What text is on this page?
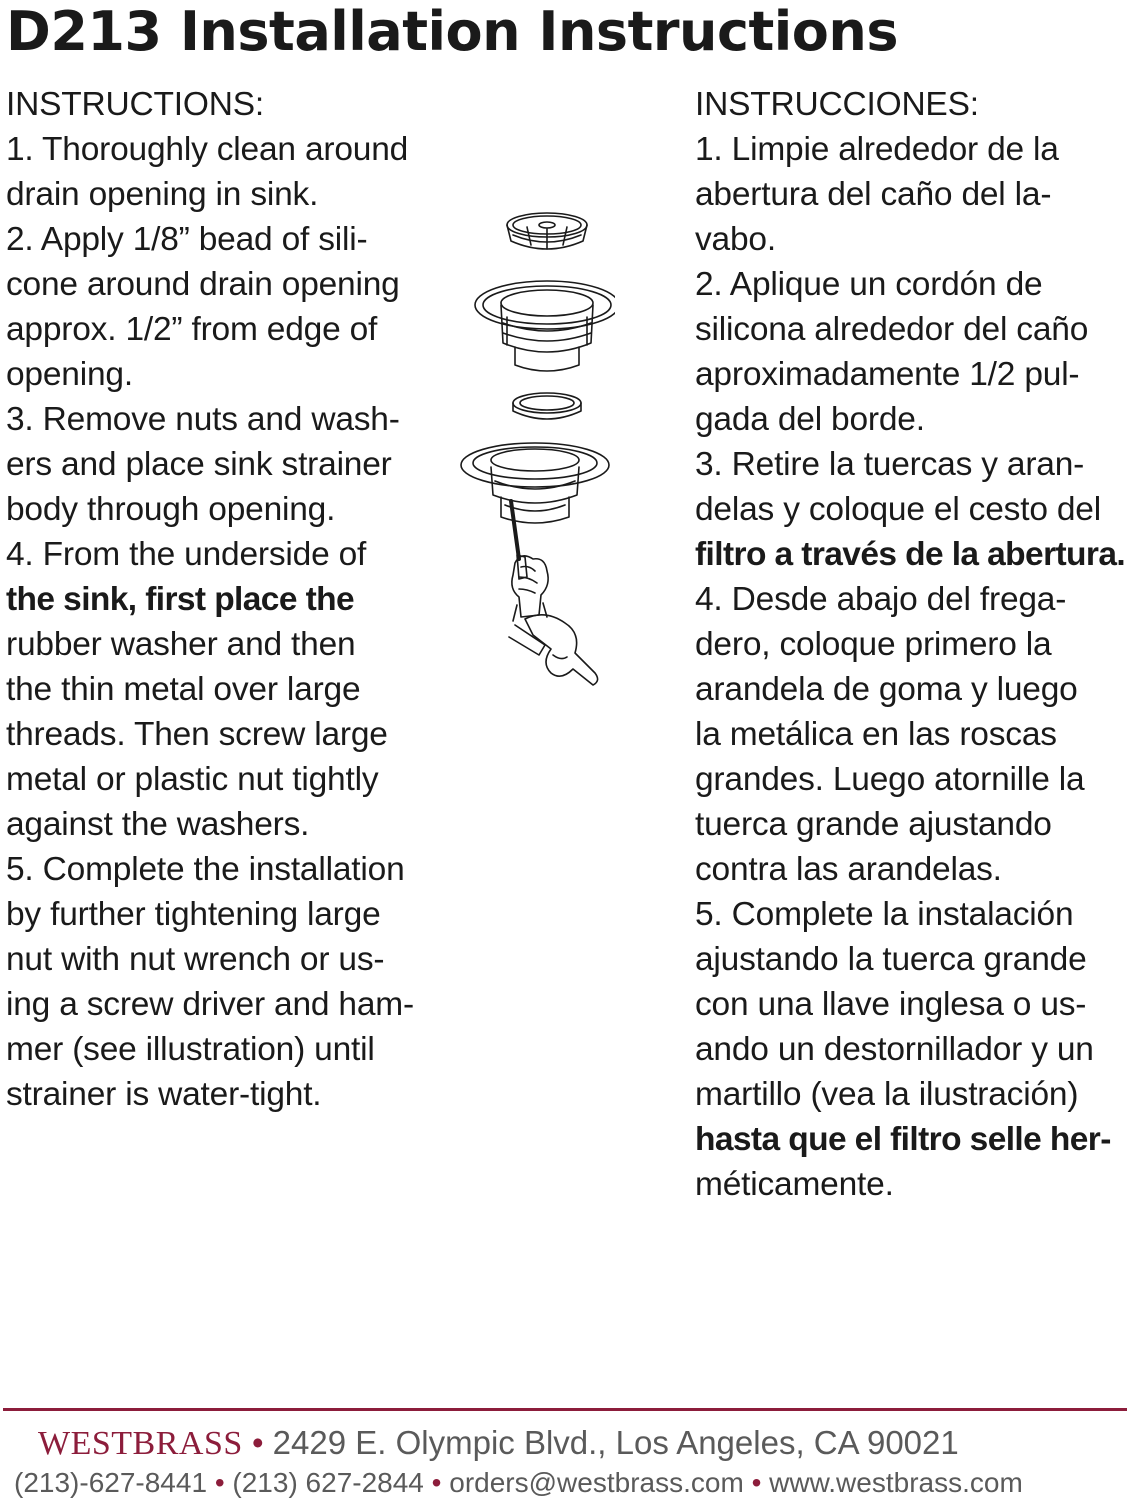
D213 Installation Instructions
INSTRUCTIONS:
1. Thoroughly clean around
drain opening in sink.
2. Apply 1/8” bead of sili-
cone around drain opening
approx. 1/2” from edge of
opening.
3. Remove nuts and wash-
ers and place sink strainer
body through opening.
4. From the underside of
the sink, first place the
rubber washer and then
the thin metal over large
threads. Then screw large
metal or plastic nut tightly
against the washers.
5. Complete the installation
by further tightening large
nut with nut wrench or us-
ing a screw driver and ham-
mer (see illustration) until
strainer is water-tight.
INSTRUCCIONES:
1. Limpie alrededor de la
abertura del caño del la-
vabo.
2. Aplique un cordón de
silicona alrededor del caño
aproximadamente 1/2 pul-
gada del borde.
3. Retire la tuercas y aran-
delas y coloque el cesto del
filtro a través de la abertura.
4. Desde abajo del frega-
dero, coloque primero la
arandela de goma y luego
la metálica en las roscas
grandes. Luego atornille la
tuerca grande ajustando
contra las arandelas.
5. Complete la instalación
ajustando la tuerca grande
con una llave inglesa o us-
ando un destornillador y un
martillo (vea la ilustración)
hasta que el filtro selle her-
méticamente.
WESTBRASS • 2429 E. Olympic Blvd., Los Angeles, CA 90021
(213)-627-8441 • (213) 627-2844 • orders@westbrass.com • www.westbrass.com
